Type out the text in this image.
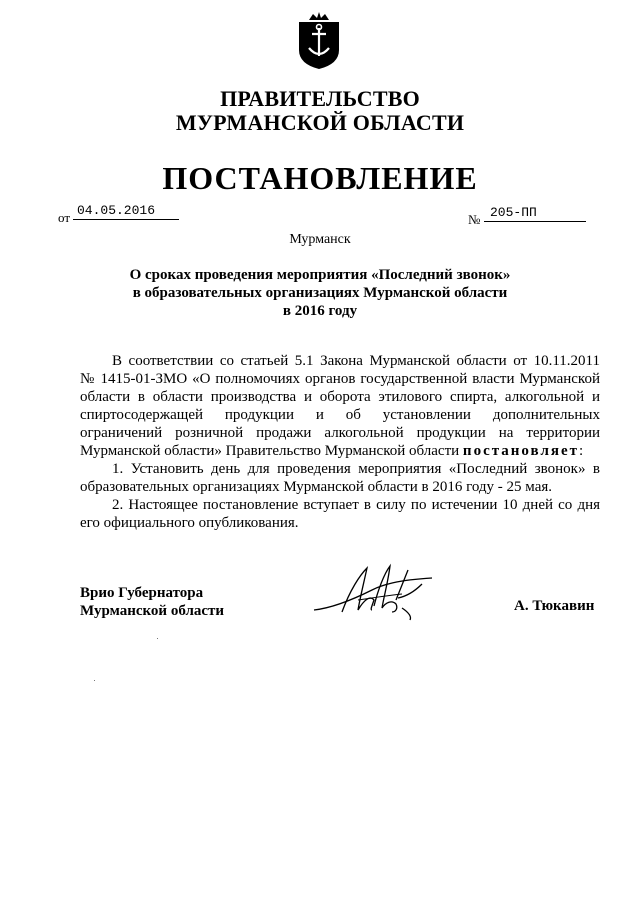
ПРАВИТЕЛЬСТВО
МУРМАНСКОЙ ОБЛАСТИ
ПОСТАНОВЛЕНИЕ
от 04.05.2016
№ 205-ПП
Мурманск
О сроках проведения мероприятия «Последний звонок»
в образовательных организациях Мурманской области
в 2016 году
В соответствии со статьей 5.1 Закона Мурманской области от 10.11.2011
№ 1415-01-ЗМО «О полномочиях органов государственной власти Мурманской
области в области производства и оборота этилового спирта, алкогольной и
спиртосодержащей продукции и об установлении дополнительных
ограничений розничной продажи алкогольной продукции на территории
Мурманской области» Правительство Мурманской области постановляет:
1. Установить день для проведения мероприятия «Последний звонок» в
образовательных организациях Мурманской области в 2016 году - 25 мая.
2. Настоящее постановление вступает в силу по истечении 10 дней со дня
его официального опубликования.
Врио Губернатора
Мурманской области	А. Тюкавин
